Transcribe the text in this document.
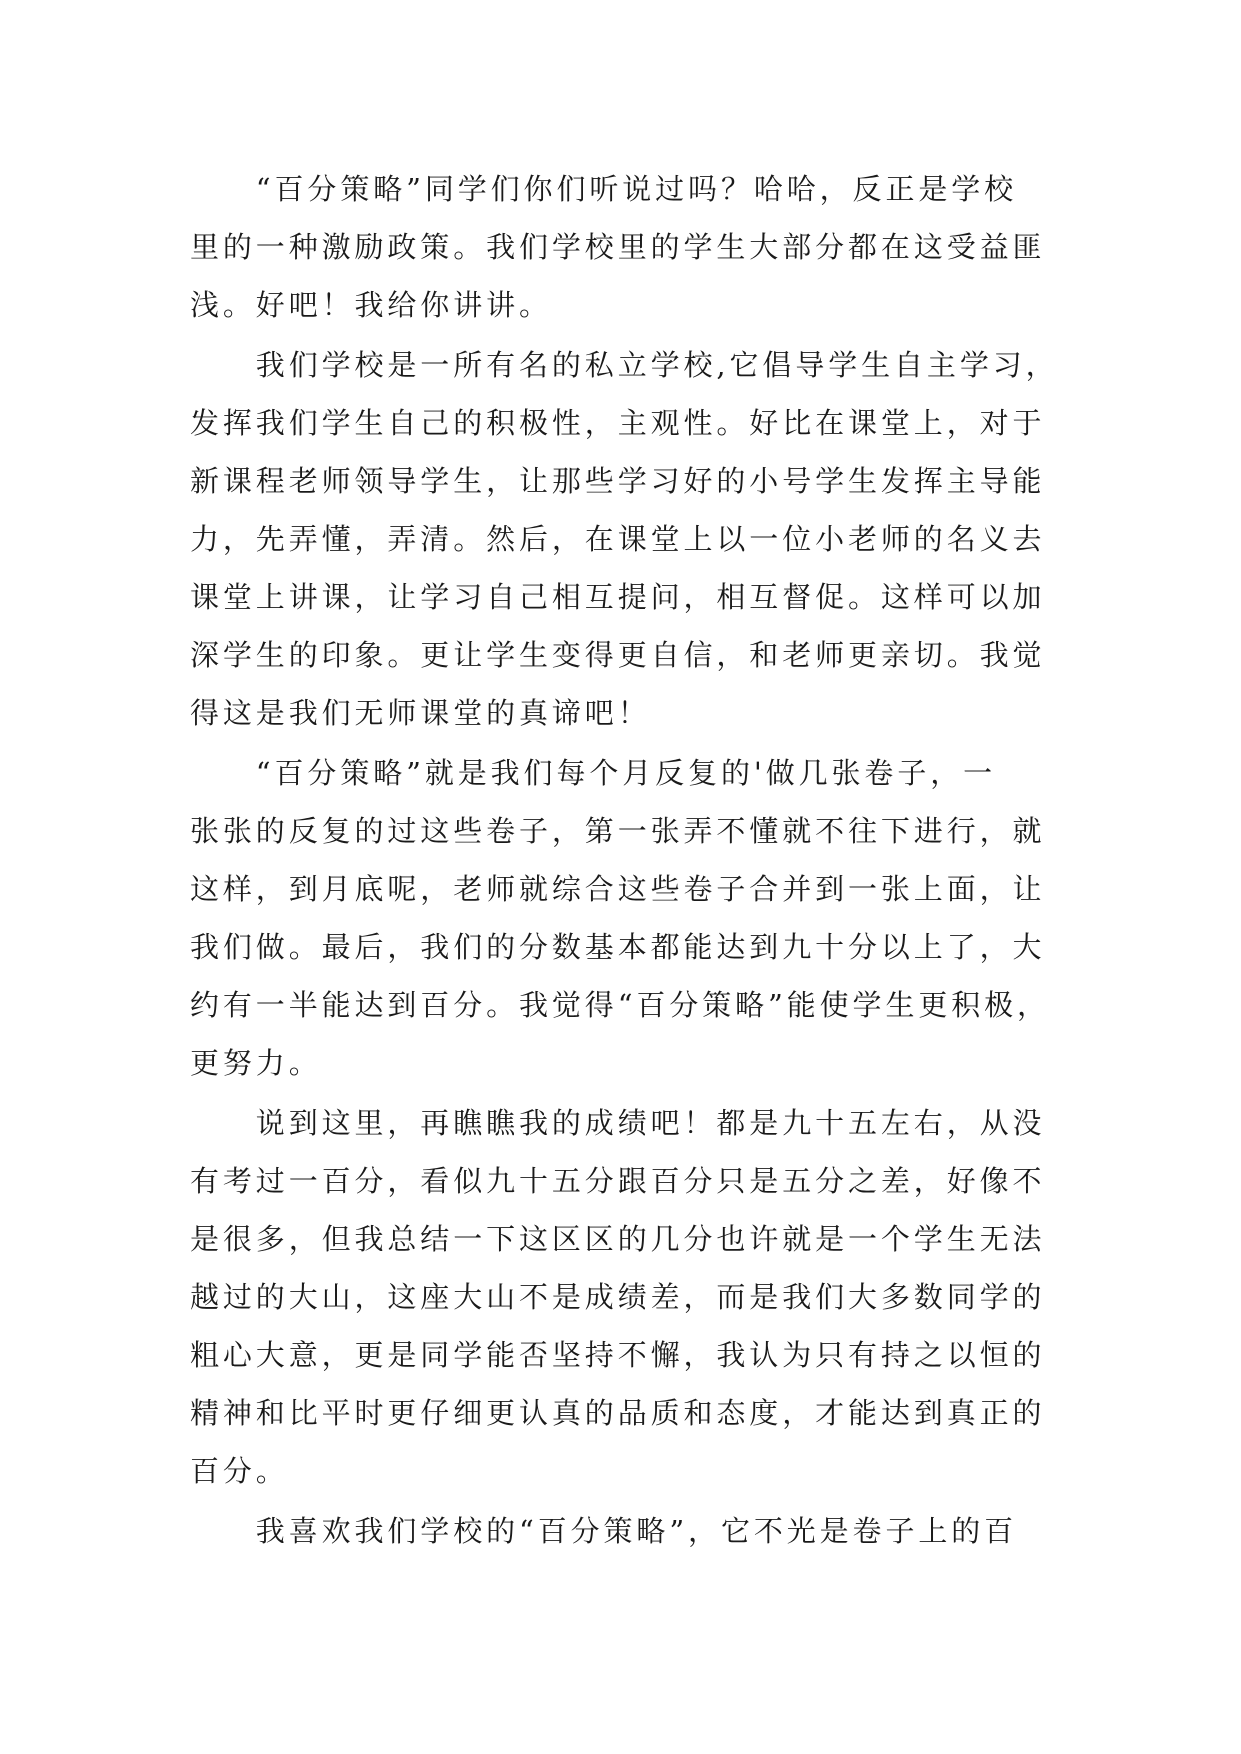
　　“百分策略”同学们你们听说过吗？哈哈，反正是学校
里的一种激励政策。我们学校里的学生大部分都在这受益匪
浅。好吧！我给你讲讲。
　　我们学校是一所有名的私立学校,它倡导学生自主学习，
发挥我们学生自己的积极性，主观性。好比在课堂上，对于
新课程老师领导学生，让那些学习好的小号学生发挥主导能
力，先弄懂，弄清。然后，在课堂上以一位小老师的名义去
课堂上讲课，让学习自己相互提问，相互督促。这样可以加
深学生的印象。更让学生变得更自信，和老师更亲切。我觉
得这是我们无师课堂的真谛吧！
　　“百分策略”就是我们每个月反复的'做几张卷子，一
张张的反复的过这些卷子，第一张弄不懂就不往下进行，就
这样，到月底呢，老师就综合这些卷子合并到一张上面，让
我们做。最后，我们的分数基本都能达到九十分以上了，大
约有一半能达到百分。我觉得“百分策略”能使学生更积极，
更努力。
　　说到这里，再瞧瞧我的成绩吧！都是九十五左右，从没
有考过一百分，看似九十五分跟百分只是五分之差，好像不
是很多，但我总结一下这区区的几分也许就是一个学生无法
越过的大山，这座大山不是成绩差，而是我们大多数同学的
粗心大意，更是同学能否坚持不懈，我认为只有持之以恒的
精神和比平时更仔细更认真的品质和态度，才能达到真正的
百分。
　　我喜欢我们学校的“百分策略”，它不光是卷子上的百
